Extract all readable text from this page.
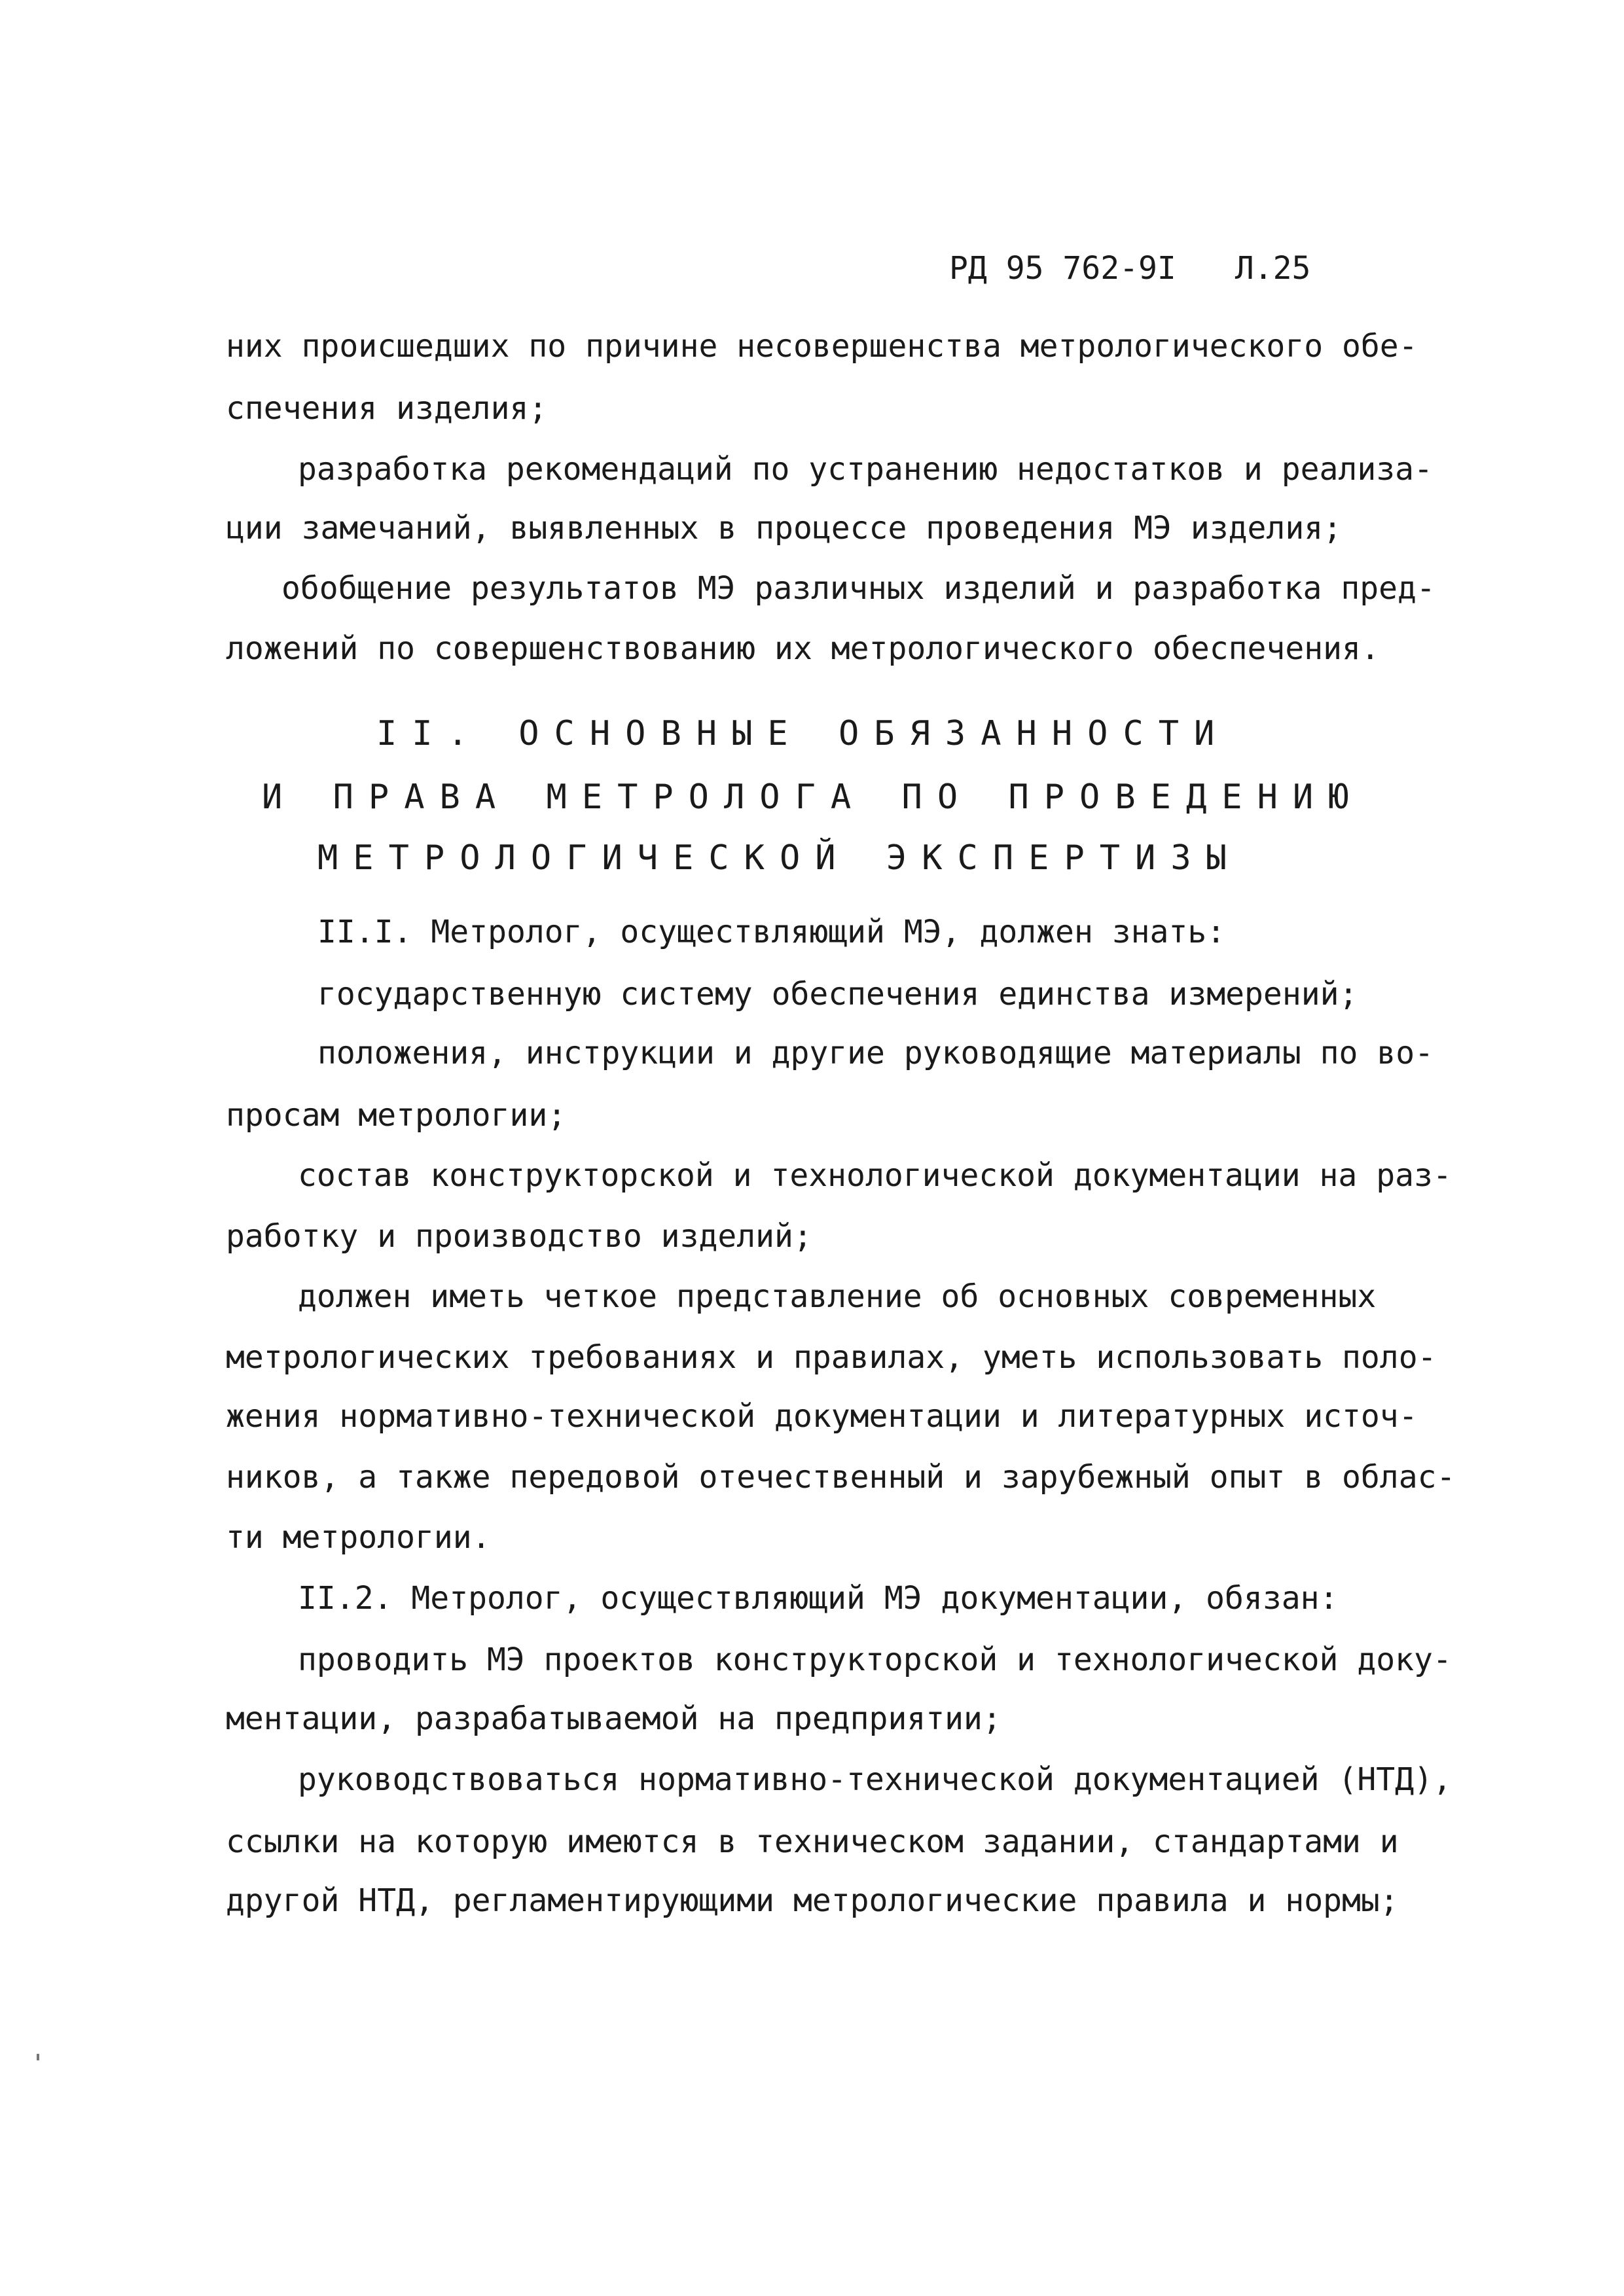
РД 95 762-9I Л.25
них происшедших по причине несовершенства метрологического обе-
спечения изделия;
разработка рекомендаций по устранению недостатков и реализа-
ции замечаний, выявленных в процессе проведения МЭ изделия;
обобщение результатов МЭ различных изделий и разработка пред-
ложений по совершенствованию их метрологического обеспечения.
II. ОСНОВНЫЕ ОБЯЗАННОСТИ
И ПРАВА МЕТРОЛОГА ПО ПРОВЕДЕНИЮ
МЕТРОЛОГИЧЕСКОЙ ЭКСПЕРТИЗЫ
II.I. Метролог, осуществляющий МЭ, должен знать:
государственную систему обеспечения единства измерений;
положения, инструкции и другие руководящие материалы по во-
просам метрологии;
состав конструкторской и технологической документации на раз-
работку и производство изделий;
должен иметь четкое представление об основных современных
метрологических требованиях и правилах, уметь использовать поло-
жения нормативно-технической документации и литературных источ-
ников, а также передовой отечественный и зарубежный опыт в облас-
ти метрологии.
II.2. Метролог, осуществляющий МЭ документации, обязан:
проводить МЭ проектов конструкторской и технологической доку-
ментации, разрабатываемой на предприятии;
руководствоваться нормативно-технической документацией (НТД),
ссылки на которую имеются в техническом задании, стандартами и
другой НТД, регламентирующими метрологические правила и нормы;
